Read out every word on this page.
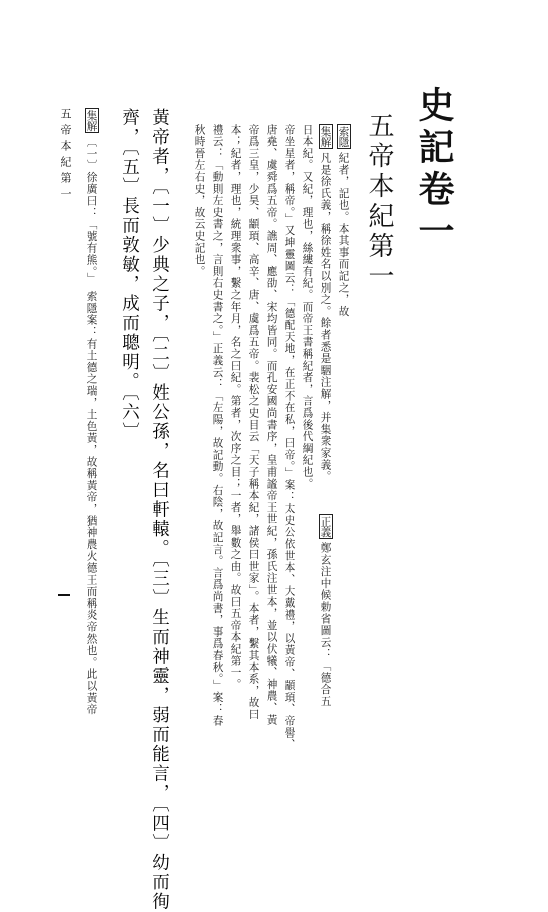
史記卷一
五帝本紀第一
集解凡是徐氏義，稱徐姓名以別之。餘者悉是駰注解，并集衆家義。
索隱紀者，記也。本其事而記之，故
日本紀。又紀，理也，絲縷有紀。而帝王書稱紀者，言爲後代綱紀也。
帝坐星者，稱帝。」又坤靈圖云：「德配天地，在正不在私，曰帝。」案：太史公依世本、大戴禮，以黃帝、顓頊、帝嚳、 正義鄭玄注中候勅省圖云：「德合五
唐堯、虞舜爲五帝。譙周、應劭、宋均皆同。而孔安國尚書序，皇甫謐帝王世紀，孫氏注世本，並以伏犧、神農、黃
帝爲三皇，少昊、顓頊、高辛、唐、虞爲五帝。裴松之史目云「天子稱本紀，諸侯曰世家」。本者，繫其本系，故曰
本；紀者，理也，統理衆事，繫之年月，名之曰紀。第者，次序之目；一者，舉數之由。故曰五帝本紀第一。
禮云：「動則左史書之，言則右史書之。」正義云：「左陽，故記動。右陰，故記言。言爲尚書，事爲春秋。」案：春
秋時晉左右史，故云史記也。
黃帝者，〔一〕少典之子，〔二〕姓公孫，名曰軒轅。〔三〕生而神靈，弱而能言，〔四〕幼而徇
齊，〔五〕長而敦敏，成而聰明。〔六〕
集解〔一〕徐廣曰：「號有熊。」　索隱案：有土德之瑞，土色黃，故稱黃帝，猶神農火德王而稱炎帝然也。此以黃帝
五帝本紀第一
